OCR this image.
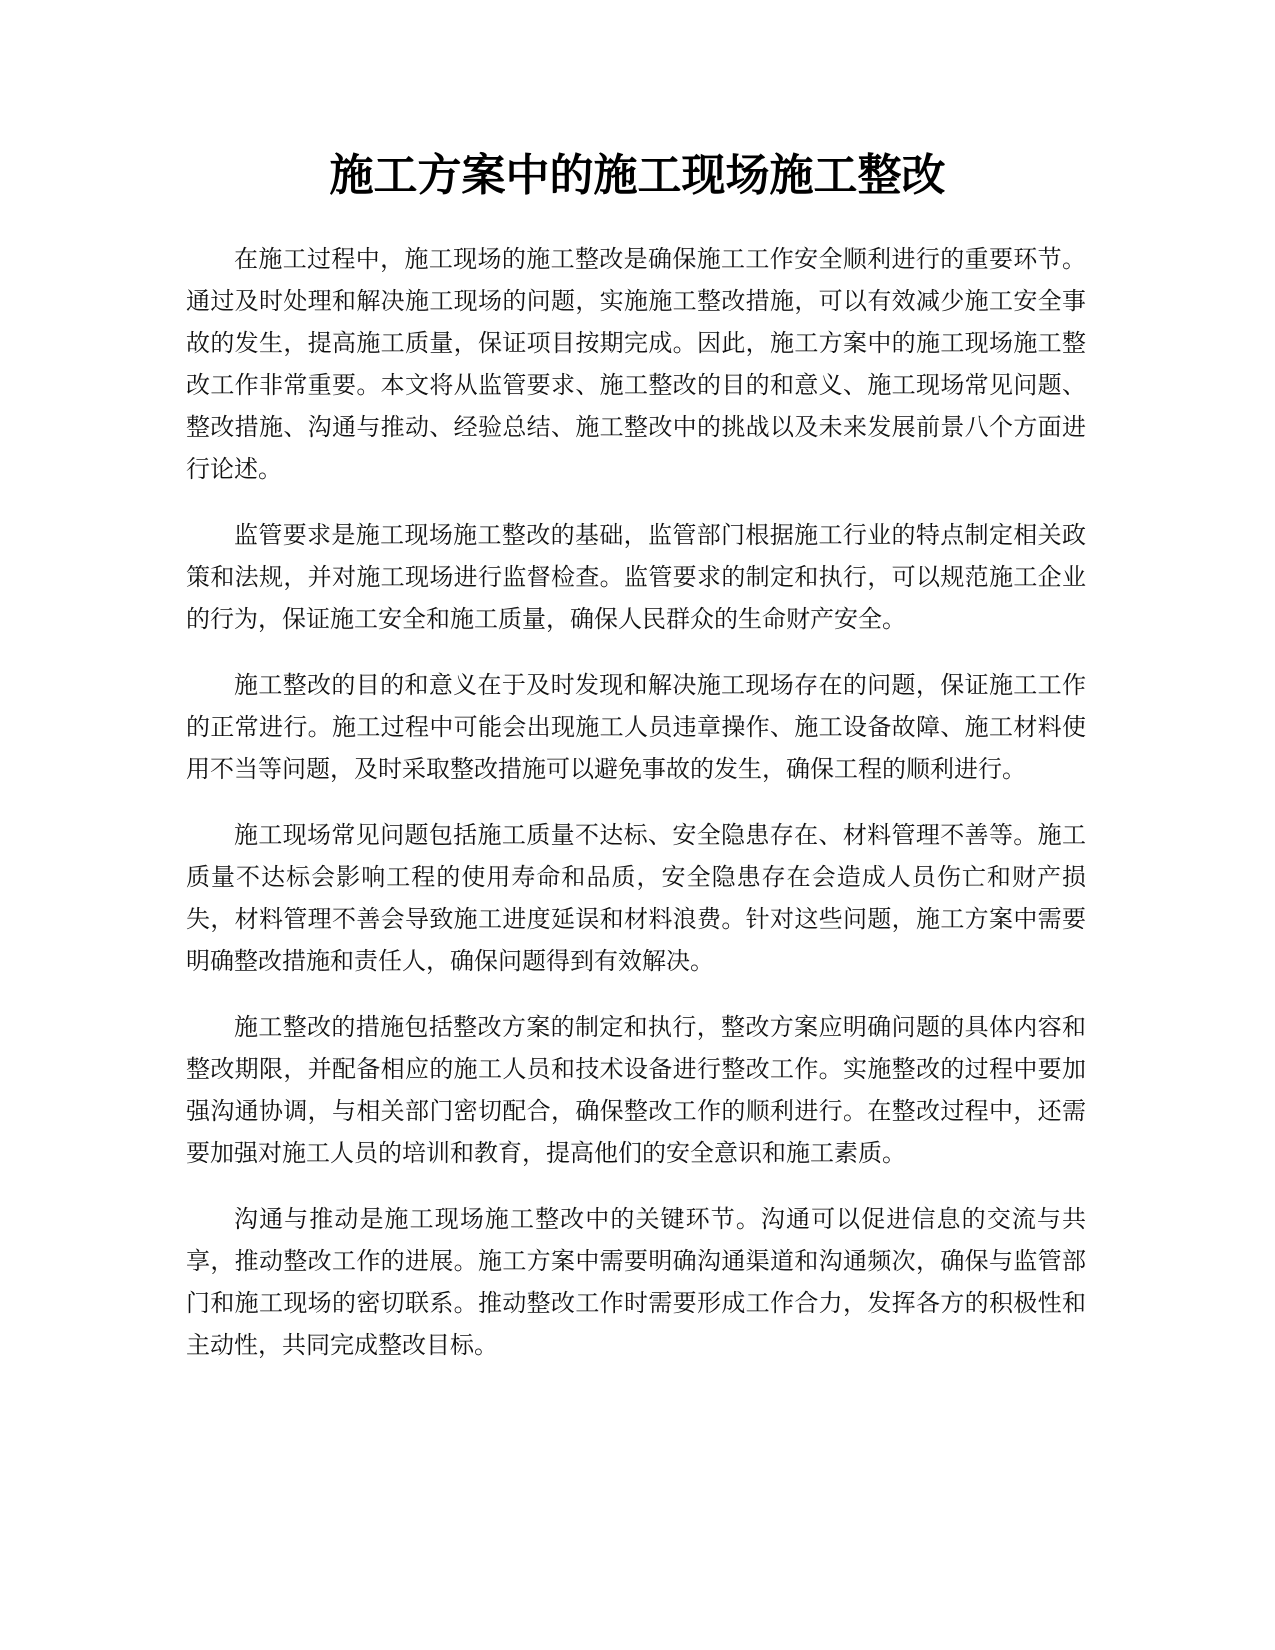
施工方案中的施工现场施工整改

在施工过程中，施工现场的施工整改是确保施工工作安全顺利进行的重要环节。通过及时处理和解决施工现场的问题，实施施工整改措施，可以有效减少施工安全事故的发生，提高施工质量，保证项目按期完成。因此，施工方案中的施工现场施工整改工作非常重要。本文将从监管要求、施工整改的目的和意义、施工现场常见问题、整改措施、沟通与推动、经验总结、施工整改中的挑战以及未来发展前景八个方面进行论述。

监管要求是施工现场施工整改的基础，监管部门根据施工行业的特点制定相关政策和法规，并对施工现场进行监督检查。监管要求的制定和执行，可以规范施工企业的行为，保证施工安全和施工质量，确保人民群众的生命财产安全。

施工整改的目的和意义在于及时发现和解决施工现场存在的问题，保证施工工作的正常进行。施工过程中可能会出现施工人员违章操作、施工设备故障、施工材料使用不当等问题，及时采取整改措施可以避免事故的发生，确保工程的顺利进行。

施工现场常见问题包括施工质量不达标、安全隐患存在、材料管理不善等。施工质量不达标会影响工程的使用寿命和品质，安全隐患存在会造成人员伤亡和财产损失，材料管理不善会导致施工进度延误和材料浪费。针对这些问题，施工方案中需要明确整改措施和责任人，确保问题得到有效解决。

施工整改的措施包括整改方案的制定和执行，整改方案应明确问题的具体内容和整改期限，并配备相应的施工人员和技术设备进行整改工作。实施整改的过程中要加强沟通协调，与相关部门密切配合，确保整改工作的顺利进行。在整改过程中，还需要加强对施工人员的培训和教育，提高他们的安全意识和施工素质。

沟通与推动是施工现场施工整改中的关键环节。沟通可以促进信息的交流与共享，推动整改工作的进展。施工方案中需要明确沟通渠道和沟通频次，确保与监管部门和施工现场的密切联系。推动整改工作时需要形成工作合力，发挥各方的积极性和主动性，共同完成整改目标。
